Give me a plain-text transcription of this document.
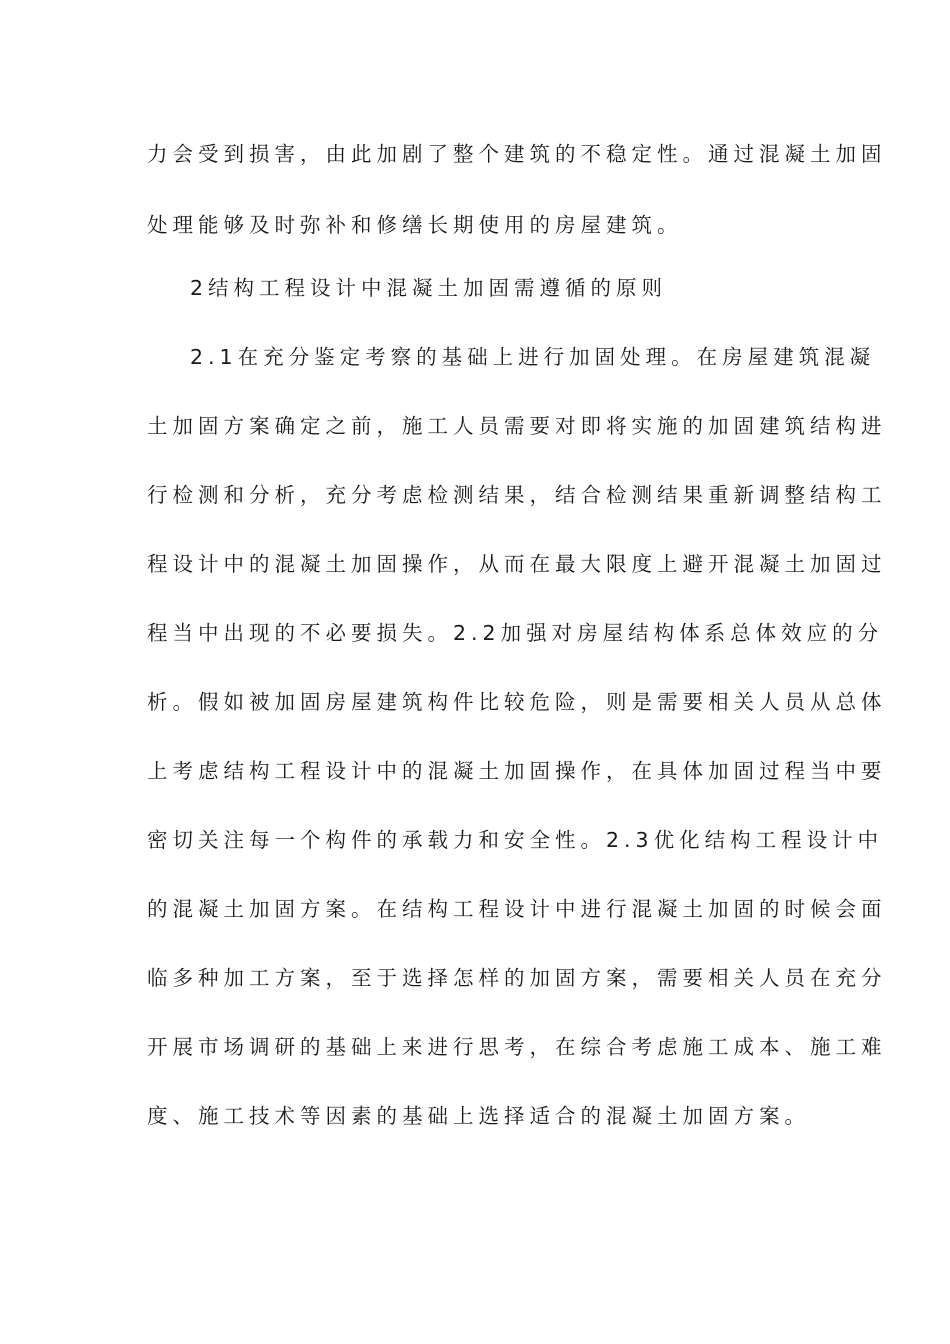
力会受到损害，由此加剧了整个建筑的不稳定性。通过混凝土加固
处理能够及时弥补和修缮长期使用的房屋建筑。
2结构工程设计中混凝土加固需遵循的原则
2.1在充分鉴定考察的基础上进行加固处理。在房屋建筑混凝
土加固方案确定之前，施工人员需要对即将实施的加固建筑结构进
行检测和分析，充分考虑检测结果，结合检测结果重新调整结构工
程设计中的混凝土加固操作，从而在最大限度上避开混凝土加固过
程当中出现的不必要损失。2.2加强对房屋结构体系总体效应的分
析。假如被加固房屋建筑构件比较危险，则是需要相关人员从总体
上考虑结构工程设计中的混凝土加固操作，在具体加固过程当中要
密切关注每一个构件的承载力和安全性。2.3优化结构工程设计中
的混凝土加固方案。在结构工程设计中进行混凝土加固的时候会面
临多种加工方案，至于选择怎样的加固方案，需要相关人员在充分
开展市场调研的基础上来进行思考，在综合考虑施工成本、施工难
度、施工技术等因素的基础上选择适合的混凝土加固方案。
